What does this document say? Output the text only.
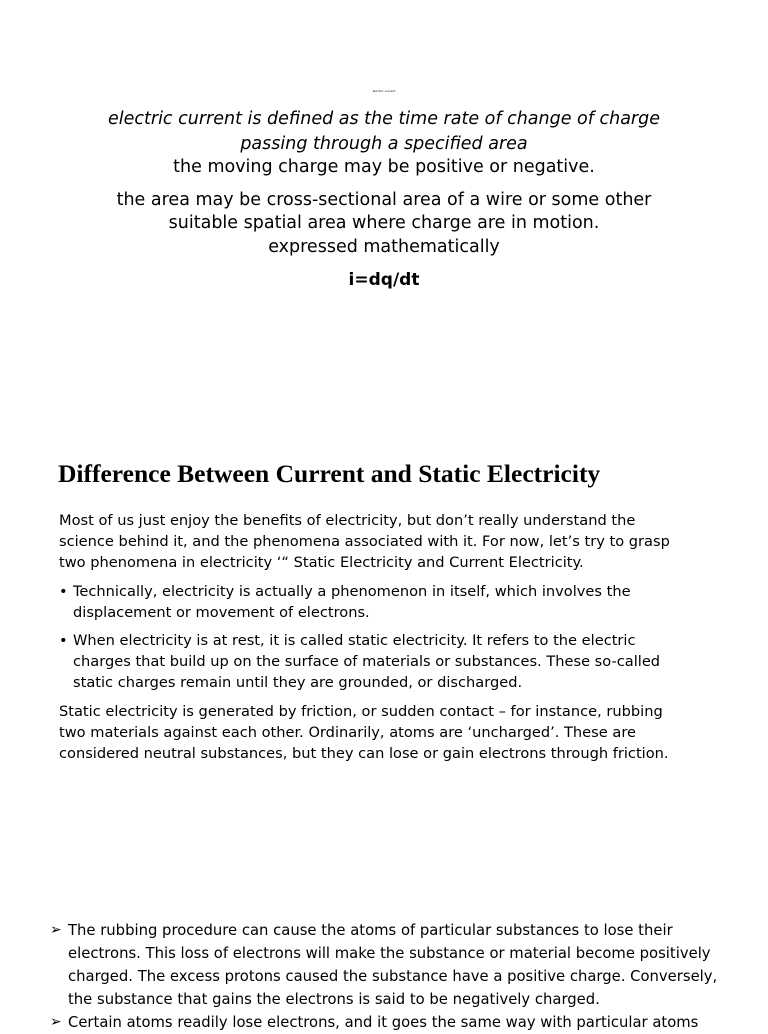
electric current
electric current is defined as the time rate of change of charge
passing through a specified area
the moving charge may be positive or negative.
the area may be cross-sectional area of a wire or some other
suitable spatial area where charge are in motion.
expressed mathematically
i=dq/dt
Difference Between Current and Static Electricity
Most of us just enjoy the benefits of electricity, but don’t really understand the
science behind it, and the phenomena associated with it. For now, let’s try to grasp
two phenomena in electricity ‘“ Static Electricity and Current Electricity.
• Technically, electricity is actually a phenomenon in itself, which involves the
displacement or movement of electrons.
• When electricity is at rest, it is called static electricity. It refers to the electric
charges that build up on the surface of materials or substances. These so-called
static charges remain until they are grounded, or discharged.
Static electricity is generated by friction, or sudden contact – for instance, rubbing
two materials against each other. Ordinarily, atoms are ‘uncharged’. These are
considered neutral substances, but they can lose or gain electrons through friction.
➢ The rubbing procedure can cause the atoms of particular substances to lose their
electrons. This loss of electrons will make the substance or material become positively
charged. The excess protons caused the substance have a positive charge. Conversely,
the substance that gains the electrons is said to be negatively charged.
➢ Certain atoms readily lose electrons, and it goes the same way with particular atoms
